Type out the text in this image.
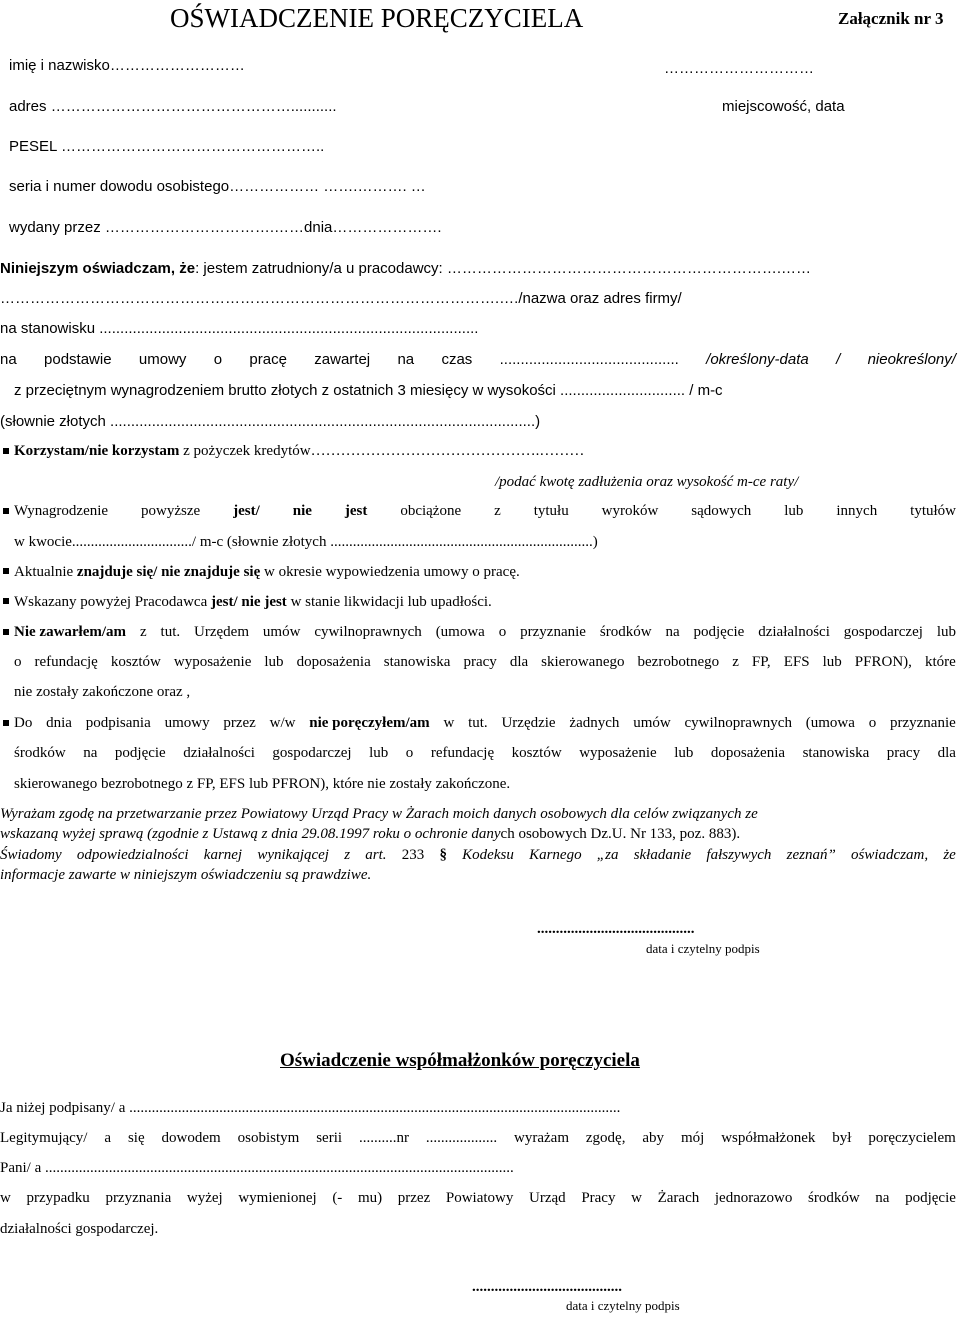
OŚWIADCZENIE PORĘCZYCIELA	Załącznik nr 3
…………………………
miejscowość, data
imię i nazwisko………………………
adres …………………………………………...........
PESEL ……………………………………………..
seria i numer dowodu osobistego……………… …….………. …
wydany przez …………………………….……dnia………………….
Niniejszym oświadczam, że: jestem zatrudniony/a u pracodawcy: ………………………………………………………….……
……………………………………………………………………………………….…./nazwa oraz adres firmy/
na stanowisku ...........................................................................................
na podstawie umowy o pracę zawartej na czas ........................................... /określony-data / nieokreślony/
z przeciętnym wynagrodzeniem brutto złotych z ostatnich 3 miesięcy w wysokości .............................. / m-c
(słownie złotych ......................................................................................................)
Korzystam/nie korzystam z pożyczek kredytów……………………………………….………
/podać kwotę zadłużenia oraz wysokość m-ce raty/
Wynagrodzenie powyższe jest/ nie jest obciążone z tytułu wyroków sądowych lub innych tytułów
w kwocie................................/ m-c (słownie złotych ......................................................................)
Aktualnie znajduje się/ nie znajduje się w okresie wypowiedzenia umowy o pracę.
Wskazany powyżej Pracodawca jest/ nie jest w stanie likwidacji lub upadłości.
Nie zawarłem/am z tut. Urzędem umów cywilnoprawnych (umowa o przyznanie środków na podjęcie działalności gospodarczej lub
o refundację kosztów wyposażenie lub doposażenia stanowiska pracy dla skierowanego bezrobotnego z FP, EFS lub PFRON), które
nie zostały zakończone oraz ,
Do dnia podpisania umowy przez w/w nie poręczyłem/am w tut. Urzędzie żadnych umów cywilnoprawnych (umowa o przyznanie
środków na podjęcie działalności gospodarczej lub o refundację kosztów wyposażenie lub doposażenia stanowiska pracy dla
skierowanego bezrobotnego z FP, EFS lub PFRON), które nie zostały zakończone.
Wyrażam zgodę na przetwarzanie przez Powiatowy Urząd Pracy w Żarach moich danych osobowych dla celów związanych ze
wskazaną wyżej sprawą (zgodnie z Ustawą z dnia 29.08.1997 roku o ochronie danych osobowych Dz.U. Nr 133, poz. 883).
Świadomy odpowiedzialności karnej wynikającej z art. 233 § Kodeksu Karnego „za składanie fałszywych zeznań” oświadczam, że
informacje zawarte w niniejszym oświadczeniu są prawdziwe.
..........................................
data i czytelny podpis
Oświadczenie współmałżonków poręczyciela
Ja niżej podpisany/ a ...................................................................................................................................
Legitymujący/ a się dowodem osobistym serii ..........nr ................... wyrażam zgodę, aby mój współmałżonek był poręczycielem
Pani/ a .............................................................................................................................
w przypadku przyznania wyżej wymienionej (- mu) przez Powiatowy Urząd Pracy w Żarach jednorazowo środków na podjęcie
działalności gospodarczej.
........................................
data i czytelny podpis
